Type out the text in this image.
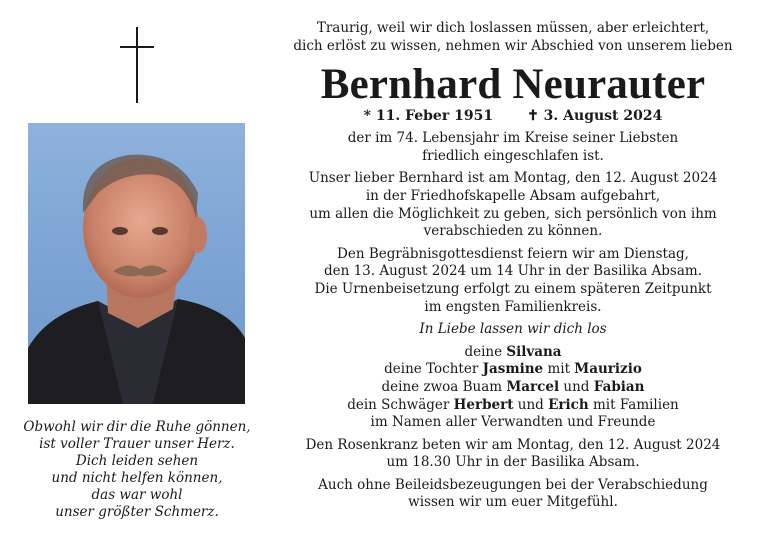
Obwohl wir dir die Ruhe gönnen,
ist voller Trauer unser Herz.
Dich leiden sehen
und nicht helfen können,
das war wohl
unser größter Schmerz.
Traurig, weil wir dich loslassen müssen, aber erleichtert,
dich erlöst zu wissen, nehmen wir Abschied von unserem lieben
Bernhard Neurauter
* 11. Feber 1951 ✝ 3. August 2024
der im 74. Lebensjahr im Kreise seiner Liebsten
friedlich eingeschlafen ist.
Unser lieber Bernhard ist am Montag, den 12. August 2024
in der Friedhofskapelle Absam aufgebahrt,
um allen die Möglichkeit zu geben, sich persönlich von ihm
verabschieden zu können.
Den Begräbnisgottesdienst feiern wir am Dienstag,
den 13. August 2024 um 14 Uhr in der Basilika Absam.
Die Urnenbeisetzung erfolgt zu einem späteren Zeitpunkt
im engsten Familienkreis.
In Liebe lassen wir dich los
deine Silvana
deine Tochter Jasmine mit Maurizio
deine zwoa Buam Marcel und Fabian
dein Schwäger Herbert und Erich mit Familien
im Namen aller Verwandten und Freunde
Den Rosenkranz beten wir am Montag, den 12. August 2024
um 18.30 Uhr in der Basilika Absam.
Auch ohne Beileidsbezeugungen bei der Verabschiedung
wissen wir um euer Mitgefühl.
